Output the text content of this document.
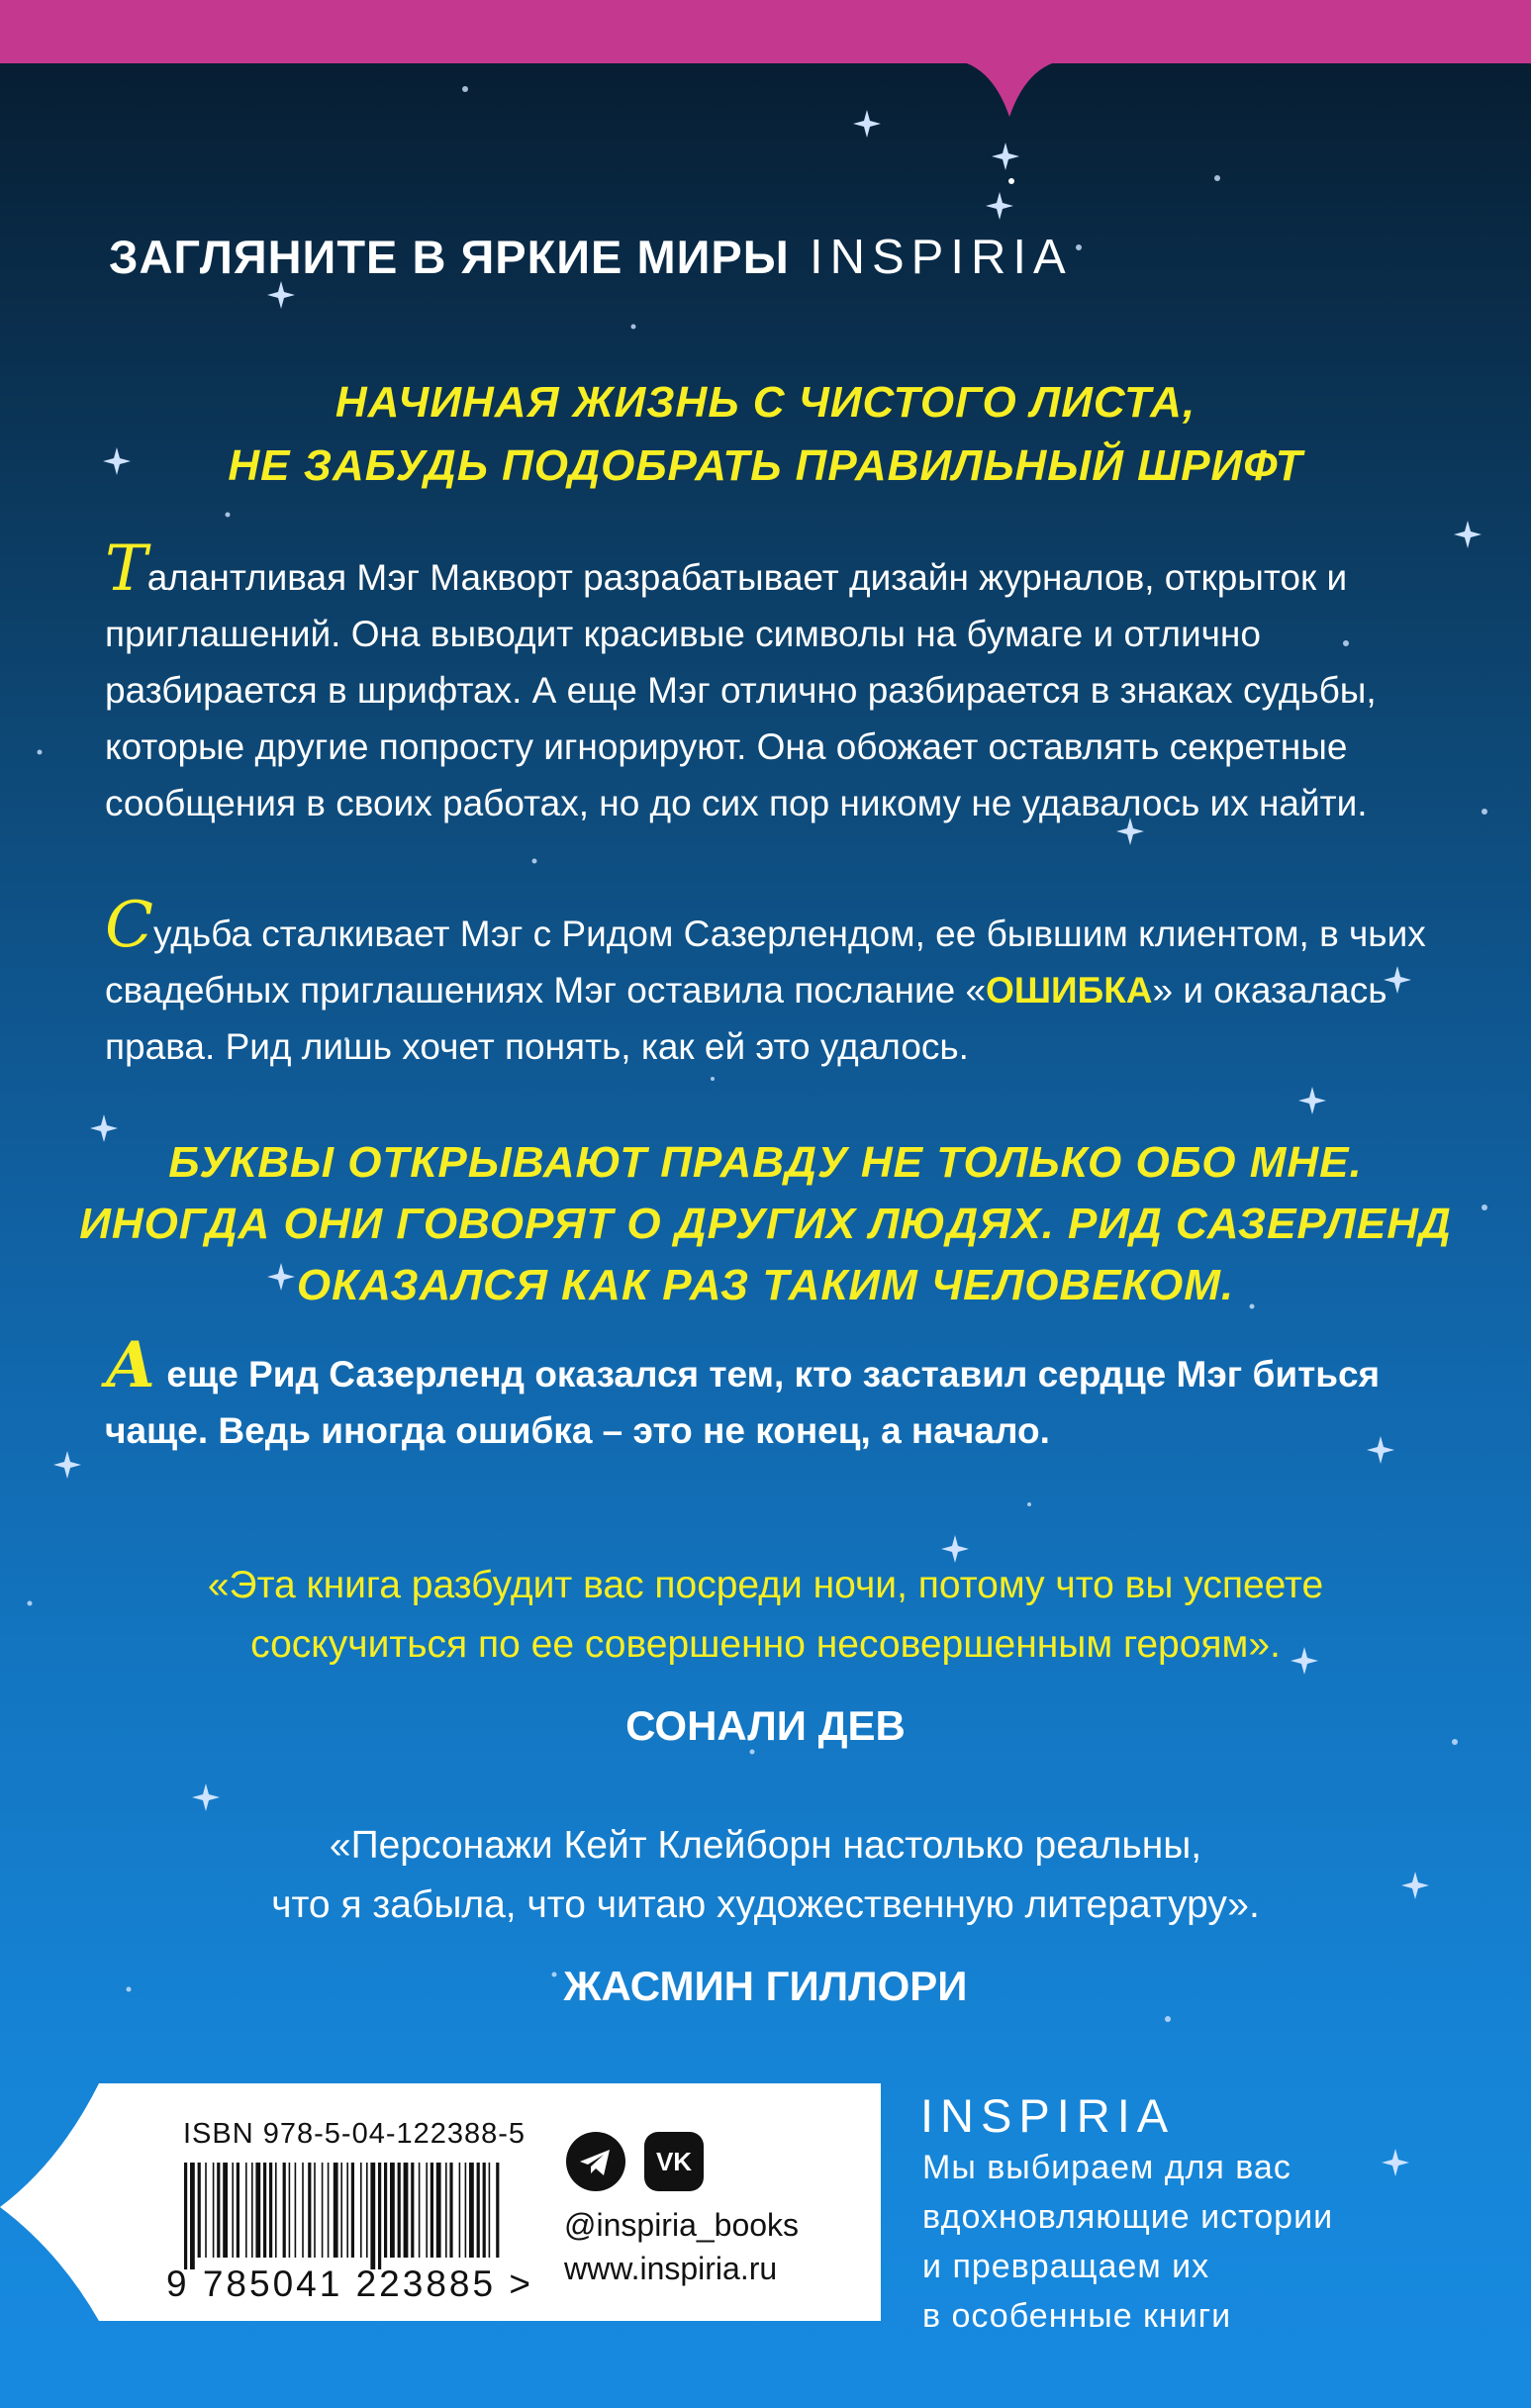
ЗАГЛЯНИТЕ В ЯРКИЕ МИРЫ INSPIRIA
НАЧИНАЯ ЖИЗНЬ С ЧИСТОГО ЛИСТА,
НЕ ЗАБУДЬ ПОДОБРАТЬ ПРАВИЛЬНЫЙ ШРИФТ
Талантливая Мэг Макворт разрабатывает дизайн журналов, открыток и приглашений. Она выводит красивые символы на бумаге и отлично разбирается в шрифтах. А еще Мэг отлично разбирается в знаках судьбы, которые другие попросту игнорируют. Она обожает оставлять секретные сообщения в своих работах, но до сих пор никому не удавалось их найти.
Судьба сталкивает Мэг с Ридом Сазерлендом, ее бывшим клиентом, в чьих свадебных приглашениях Мэг оставила послание «ОШИБКА» и оказалась права. Рид лишь хочет понять, как ей это удалось.
БУКВЫ ОТКРЫВАЮТ ПРАВДУ НЕ ТОЛЬКО ОБО МНЕ.
ИНОГДА ОНИ ГОВОРЯТ О ДРУГИХ ЛЮДЯХ. РИД САЗЕРЛЕНД
ОКАЗАЛСЯ КАК РАЗ ТАКИМ ЧЕЛОВЕКОМ.
А еще Рид Сазерленд оказался тем, кто заставил сердце Мэг биться чаще. Ведь иногда ошибка – это не конец, а начало.
«Эта книга разбудит вас посреди ночи, потому что вы успеете
соскучиться по ее совершенно несовершенным героям».
СОНАЛИ ДЕВ
«Персонажи Кейт Клейборн настолько реальны,
что я забыла, что читаю художественную литературу».
ЖАСМИН ГИЛЛОРИ
ISBN 978-5-04-122388-5
9 785041 223885 >
VK
@inspiria_books
www.inspiria.ru
INSPIRIA
Мы выбираем для вас
вдохновляющие истории
и превращаем их
в особенные книги
